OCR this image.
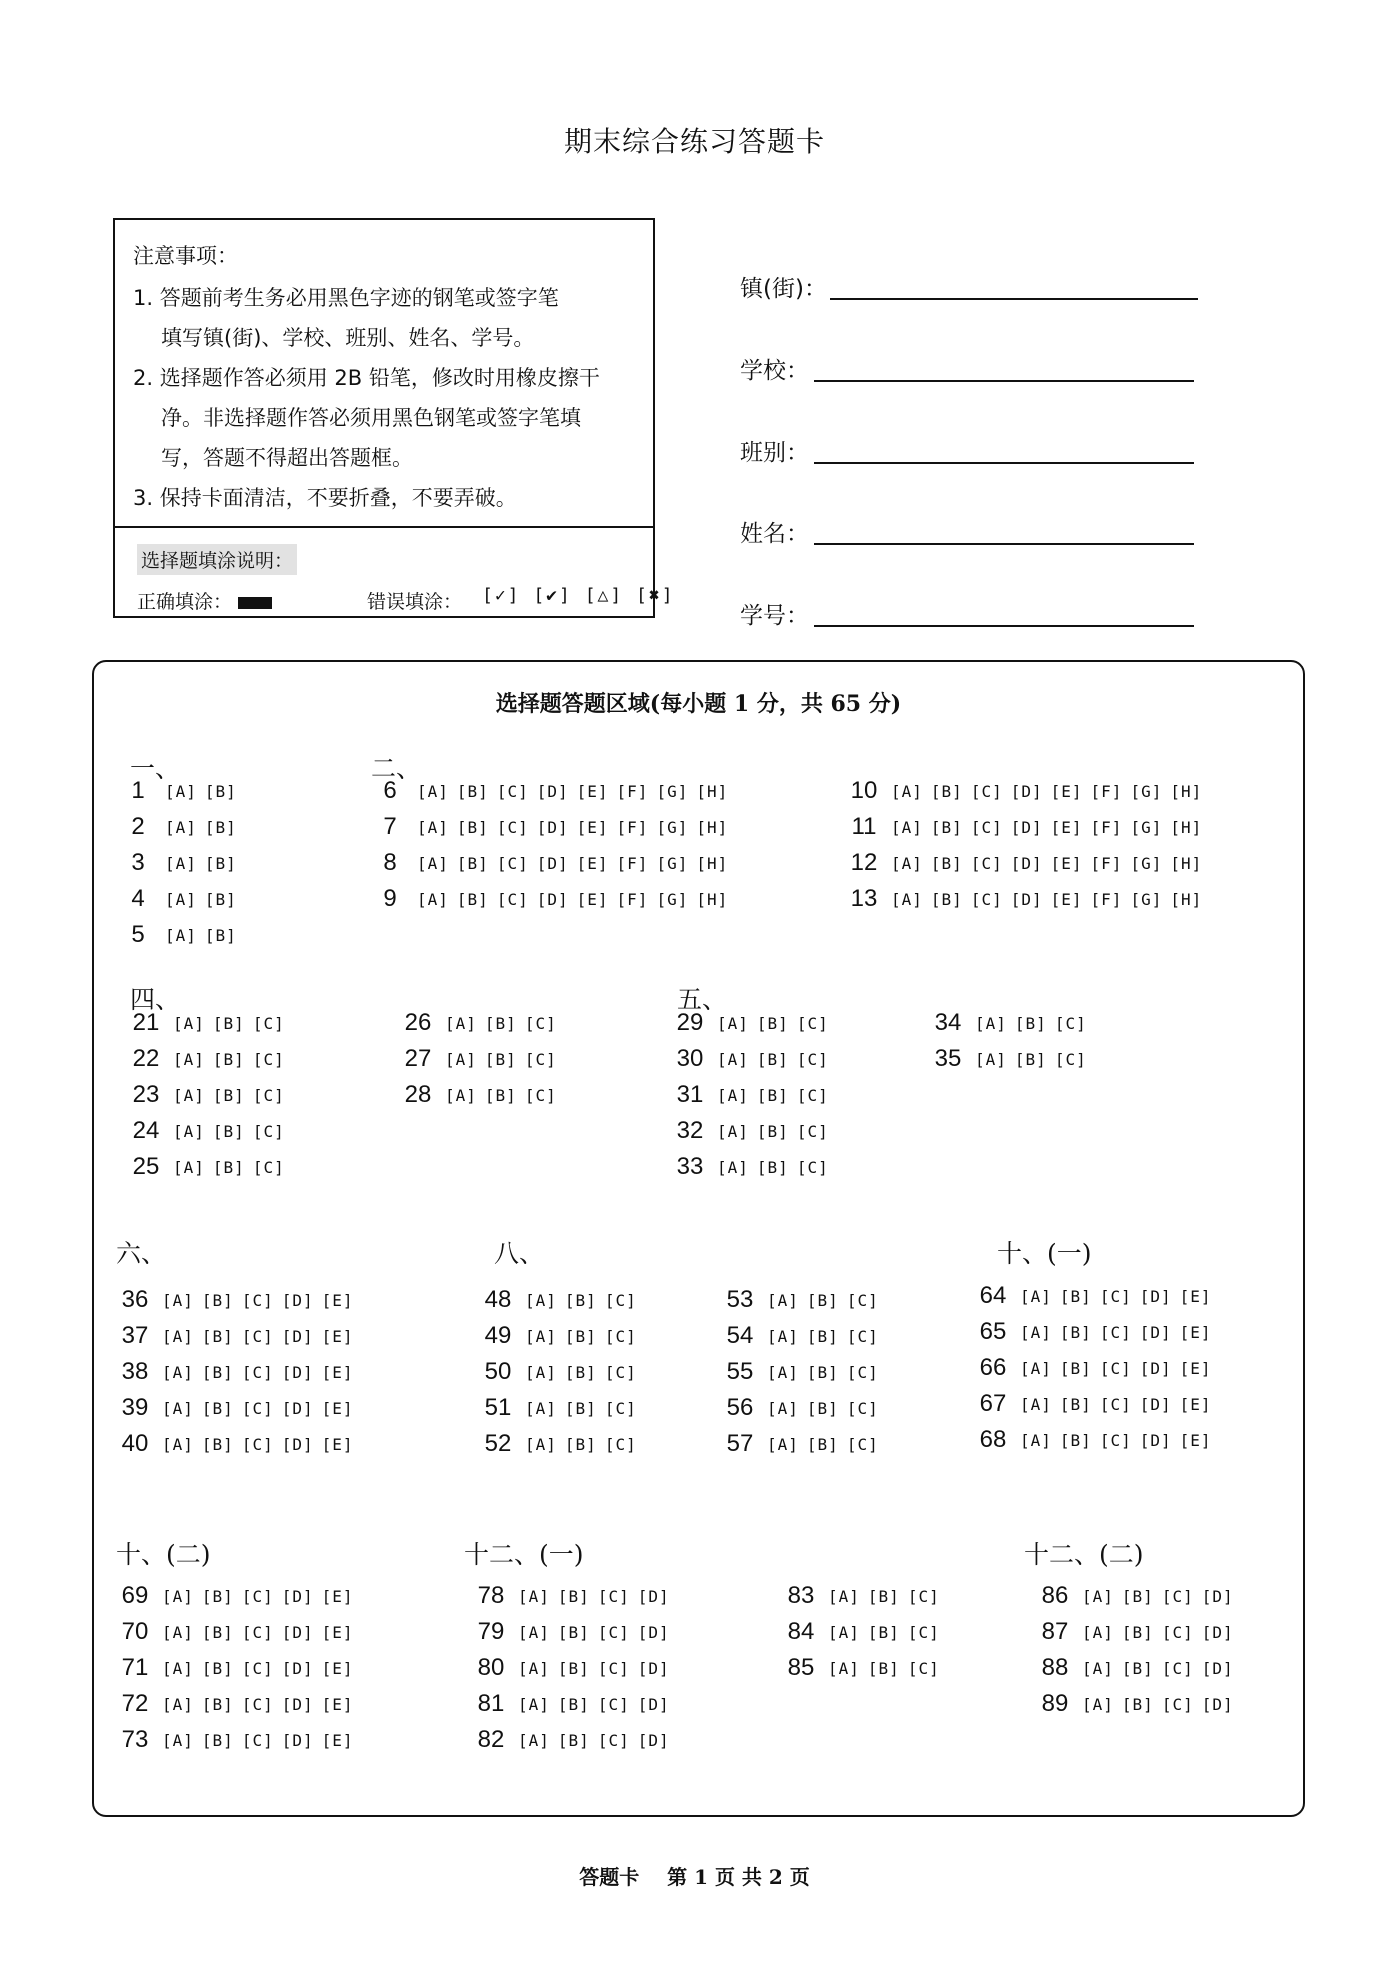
期末综合练习答题卡
注意事项：
1. 答题前考生务必用黑色字迹的钢笔或签字笔
填写镇(街)、学校、班别、姓名、学号。
2. 选择题作答必须用 2B 铅笔，修改时用橡皮擦干
净。非选择题作答必须用黑色钢笔或签字笔填
写，答题不得超出答题框。
3. 保持卡面清洁，不要折叠，不要弄破。
选择题填涂说明：
正确填涂：	错误填涂： [✓] [✔] [△] [✖]
镇(街)：
学校：
班别：
姓名：
学号：
选择题答题区域(每小题 1 分，共 65 分)
一、	二、
四、	五、
六、	八、	十、(一)
十、(二)	十二、(一)	十二、(二)
1 [A] [B]
2 [A] [B]
3 [A] [B]
4 [A] [B]
5 [A] [B]
6 [A] [B] [C] [D] [E] [F] [G] [H]
7 [A] [B] [C] [D] [E] [F] [G] [H]
8 [A] [B] [C] [D] [E] [F] [G] [H]
9 [A] [B] [C] [D] [E] [F] [G] [H]
10 [A] [B] [C] [D] [E] [F] [G] [H]
11 [A] [B] [C] [D] [E] [F] [G] [H]
12 [A] [B] [C] [D] [E] [F] [G] [H]
13 [A] [B] [C] [D] [E] [F] [G] [H]
21 [A] [B] [C]
22 [A] [B] [C]
23 [A] [B] [C]
24 [A] [B] [C]
25 [A] [B] [C]
26 [A] [B] [C]
27 [A] [B] [C]
28 [A] [B] [C]
29 [A] [B] [C]
30 [A] [B] [C]
31 [A] [B] [C]
32 [A] [B] [C]
33 [A] [B] [C]
34 [A] [B] [C]
35 [A] [B] [C]
36 [A] [B] [C] [D] [E]
37 [A] [B] [C] [D] [E]
38 [A] [B] [C] [D] [E]
39 [A] [B] [C] [D] [E]
40 [A] [B] [C] [D] [E]
48 [A] [B] [C]
49 [A] [B] [C]
50 [A] [B] [C]
51 [A] [B] [C]
52 [A] [B] [C]
53 [A] [B] [C]
54 [A] [B] [C]
55 [A] [B] [C]
56 [A] [B] [C]
57 [A] [B] [C]
64 [A] [B] [C] [D] [E]
65 [A] [B] [C] [D] [E]
66 [A] [B] [C] [D] [E]
67 [A] [B] [C] [D] [E]
68 [A] [B] [C] [D] [E]
69 [A] [B] [C] [D] [E]
70 [A] [B] [C] [D] [E]
71 [A] [B] [C] [D] [E]
72 [A] [B] [C] [D] [E]
73 [A] [B] [C] [D] [E]
78 [A] [B] [C] [D]
79 [A] [B] [C] [D]
80 [A] [B] [C] [D]
81 [A] [B] [C] [D]
82 [A] [B] [C] [D]
83 [A] [B] [C]
84 [A] [B] [C]
85 [A] [B] [C]
86 [A] [B] [C] [D]
87 [A] [B] [C] [D]
88 [A] [B] [C] [D]
89 [A] [B] [C] [D]
答题卡    第 1 页 共 2 页
